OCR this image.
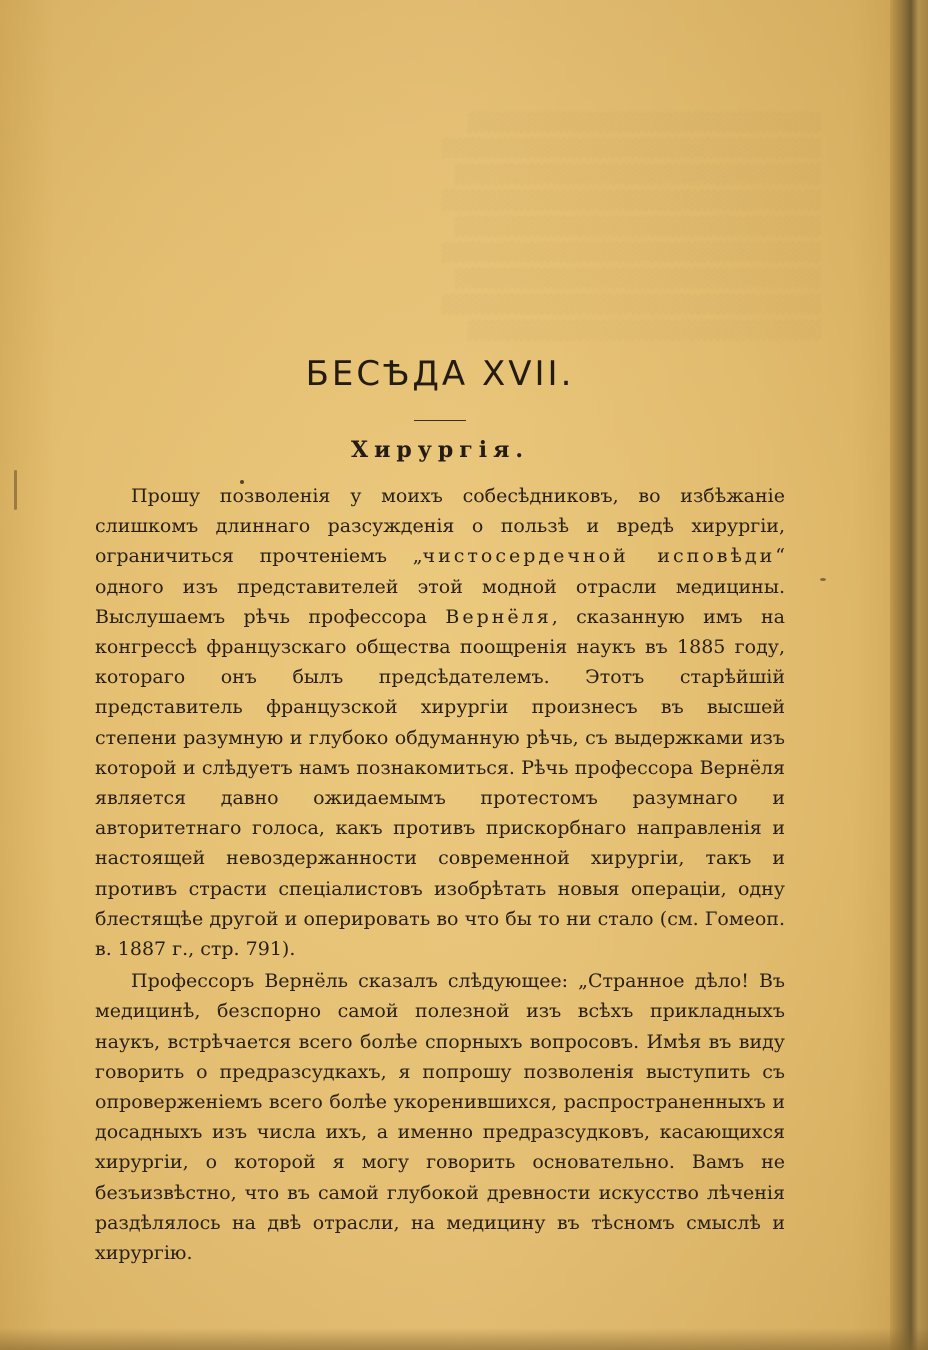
░░░░░░░░░░░░░░░░░░░░░░░░░░░
░░░░░░░░░░░░░░░░░░░░░░░░░░░░░
░░░░░░░░░░░░░░░░░░░░░░░░░░░░
░░░░░░░░░░░░░░░░░░░░░░░░░░░░░
░░░░░░░░░░░░░░░░░░░░░░░░░░░░
░░░░░░░░░░░░░░░░░░░░░░░░░░░░░
░░░░░░░░░░░░░░░░░░░░░░░░░░░░
░░░░░░░░░░░░░░░░░░░░░░░░░░░░░
░░░░░░░░░░░░░░░░░░░░░░░░░░░
БЕСѢДА XVII.
Хирургія.

Прошу позволенія у моихъ собесѣдниковъ, во избѣжаніе слишкомъ длиннаго разсужденія о пользѣ и вредѣ хирургіи, ограничиться прочтеніемъ „чистосердечной исповѣди“ одного изъ представителей этой модной отрасли медицины. Выслушаемъ рѣчь профессора Вернёля, сказанную имъ на конгрессѣ французскаго общества поощренія наукъ въ 1885 году, котораго онъ былъ предсѣдателемъ. Этотъ старѣйшій представитель французской хирургіи произнесъ въ высшей степени разумную и глубоко обдуманную рѣчь, съ выдержками изъ которой и слѣдуетъ намъ познакомиться. Рѣчь профессора Вернёля является давно ожидаемымъ протестомъ разумнаго и авторитетнаго голоса, какъ противъ прискорбнаго направленія и настоящей невоздержанности современной хирургіи, такъ и противъ страсти спеціалистовъ изобрѣтать новыя операціи, одну блестящѣе другой и оперировать во что бы то ни стало (см. Гомеоп. в. 1887 г., стр. 791).

Профессоръ Вернёль сказалъ слѣдующее: „Странное дѣло! Въ медицинѣ, безспорно самой полезной изъ всѣхъ прикладныхъ наукъ, встрѣчается всего болѣе спорныхъ вопросовъ. Имѣя въ виду говорить о предразсудкахъ, я попрошу позволенія выступить съ опроверженіемъ всего болѣе укоренившихся, распространенныхъ и досадныхъ изъ числа ихъ, а именно предразсудковъ, касающихся хирургіи, о которой я могу говорить основательно. Вамъ не безъизвѣстно, что въ самой глубокой древности искусство лѣченія раздѣлялось на двѣ отрасли, на медицину въ тѣсномъ смыслѣ и хирургію.
